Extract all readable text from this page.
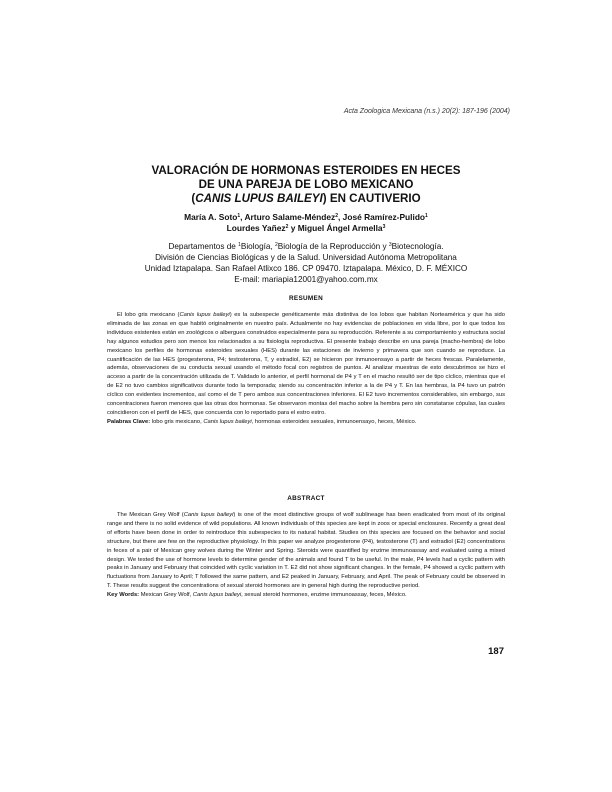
Acta Zoologica Mexicana (n.s.) 20(2): 187-196 (2004)
VALORACIÓN DE HORMONAS ESTEROIDES EN HECES
DE UNA PAREJA DE LOBO MEXICANO
(CANIS LUPUS BAILEYI) EN CAUTIVERIO
María A. Soto$^1$, Arturo Salame-Méndez$^2$, José Ramírez-Pulido$^1$
Lourdes Yañez$^2$ y Miguel Ángel Armella$^3$
Departamentos de $^1$Biología, $^2$Biología de la Reproducción y $^3$Biotecnología.
División de Ciencias Biológicas y de la Salud. Universidad Autónoma Metropolitana
Unidad Iztapalapa. San Rafael Atlixco 186. CP 09470. Iztapalapa. México, D. F. MÉXICO
E-mail: mariapia12001@yahoo.com.mx
RESUMEN
El lobo gris mexicano (Canis lupus baileyi) es la subespecie genéticamente más distintiva de los lobos que habitan Norteamérica y que ha sido eliminada de las zonas en que habitó originalmente en nuestro país. Actualmente no hay evidencias de poblaciones en vida libre, por lo que todos los individuos existentes están en zoológicos o albergues construidos especialmente para su reproducción. Referente a su comportamiento y estructura social hay algunos estudios pero son menos los relacionados a su fisiología reproductiva. El presente trabajo describe en una pareja (macho-hembra) de lobo mexicano los perfiles de hormonas esteroides sexuales (HES) durante las estaciones de invierno y primavera que son cuando se reproduce. La cuantificación de las HES (progesterona, P4; testosterona, T, y estradiol, E2) se hicieron por inmunoensayo a partir de heces frescas. Paralelamente, además, observaciones de su conducta sexual usando el método focal con registros de puntos. Al analizar muestras de esto descubrimos se hizo el acceso a partir de la concentración utilizada de T. Validado lo anterior, el perfil hormonal de P4 y T en el macho resultó ser de tipo cíclico, mientras que el de E2 no tuvo cambios significativos durante todo la temporada; siendo su concentración inferior a la de P4 y T. En las hembras, la P4 tuvo un patrón cíclico con evidentes incrementos, así como el de T pero ambos sus concentraciones inferiores. El E2 tuvo incrementos considerables, sin embargo, sus concentraciones fueron menores que las otras dos hormonas. Se observaron montas del macho sobre la hembra pero sin constatarse cópulas, las cuales coincidieron con el perfil de HES, que concuerda con lo reportado para el estro estro.
Palabras Clave: lobo gris mexicano, Canis lupus baileyi, hormonas esteroides sexuales, inmunoensayo, heces, México.
ABSTRACT
The Mexican Grey Wolf (Canis lupus baileyi) is one of the most distinctive groups of wolf sublineage has been eradicated from most of its original range and there is no solid evidence of wild populations. All known individuals of this species are kept in zoos or special enclosures. Recently a great deal of efforts have been done in order to reintroduce this subespecies to its natural habitat. Studies on this species are focused on the behavior and social structure, but there are few on the reproductive physiology. In this paper we analyze progesterone (P4), testosterone (T) and estradiol (E2) concentrations in feces of a pair of Mexican grey wolves during the Winter and Spring. Steroids were quantified by enzime immunoassay and evaluated using a mixed design. We tested the use of hormone levels to determine gender of the animals and found T to be useful. In the male, P4 levels had a cyclic pattern with peaks in January and February that coincided with cyclic variation in T. E2 did not show significant changes. In the female, P4 showed a cyclic pattern with fluctuations from January to April; T followed the same pattern, and E2 peaked in January, February, and April. The peak of February could be observed in T. These results suggest the concentrations of sexual steroid hormones are in general high during the reproductive period.
Key Words: Mexican Grey Wolf, Canis lupus baileyi, sexual steroid hormones, enzime immunoassay, feces, México.
187
